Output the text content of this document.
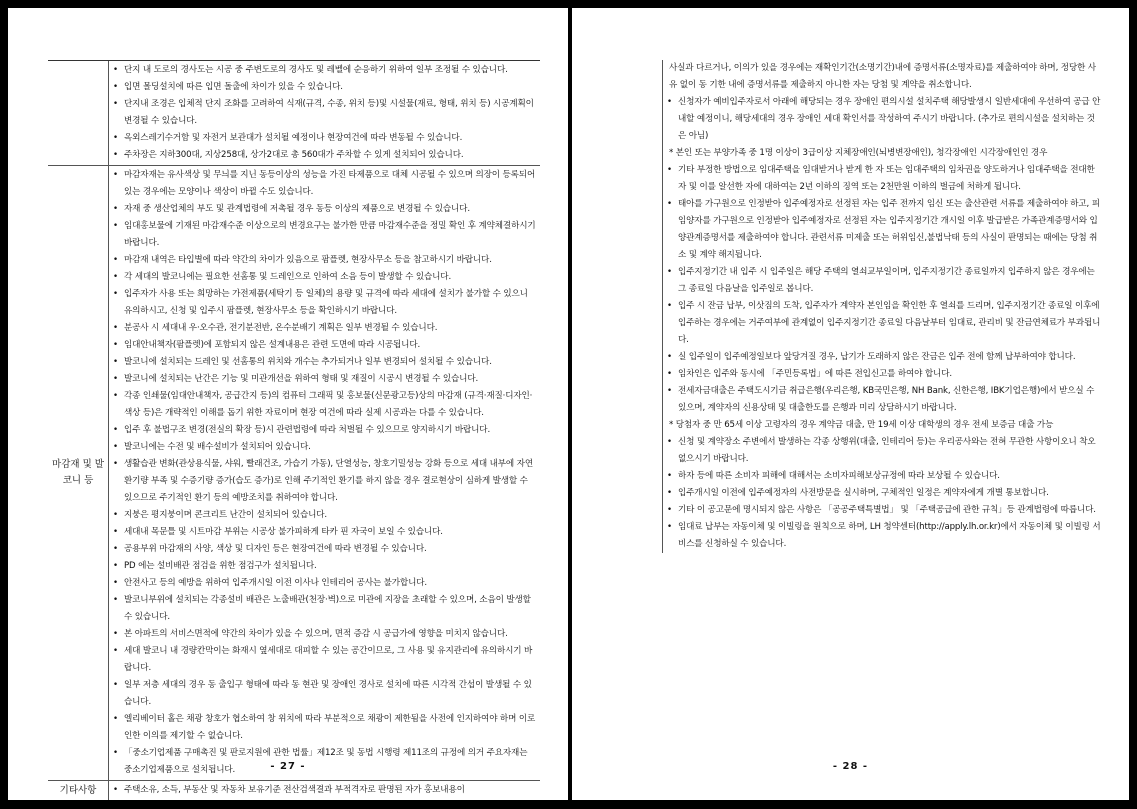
• 단지 내 도로의 경사도는 시공 중 주변도로의 경사도 및 레벨에 순응하기 위하여 일부 조정될 수 있습니다.
• 입면 몰딩설치에 따른 입면 돌출에 차이가 있을 수 있습니다.
• 단지내 조경은 입체적 단지 조화를 고려하여 식재(규격, 수종, 위치 등)및 시설물(재료, 형태, 위치 등) 시공계획이 변경될 수 있습니다.
• 옥외스레기수거함 및 자전거 보관대가 설치될 예정이나 현장여건에 따라 변동될 수 있습니다.
• 주차장은 지하300대, 지상258대, 상가2대로 총 560대가 주차할 수 있게 설치되어 있습니다.
마감재 및 발코니 등
• 마감자재는 유사색상 및 무늬를 지닌 동등이상의 성능을 가진 타제품으로 대체 시공될 수 있으며 의장이 등록되어 있는 경우에는 모양이나 색상이 바뀔 수도 있습니다.
• 자재 중 생산업체의 부도 및 관계법령에 저촉될 경우 동등 이상의 제품으로 변경될 수 있습니다.
• 임대홍보물에 기재된 마감재수준 이상으로의 변경요구는 불가한 만큼 마감재수준을 정밀 확인 후 계약체결하시기 바랍니다.
• 마감재 내역은 타입별에 따라 약간의 차이가 있음으로 팜플렛, 현장사무소 등을 참고하시기 바랍니다.
• 각 세대의 발코니에는 필요한 선홈통 및 드레인으로 인하여 소음 등이 발생할 수 있습니다.
• 입주자가 사용 또는 희망하는 가전제품(세탁기 등 일체)의 용량 및 규격에 따라 세대에 설치가 불가할 수 있으니 유의하시고, 신청 및 입주시 팜플렛, 현장사무소 등을 확인하시기 바랍니다.
• 분공사 시 세대내 우·오수관, 전기분전반, 온수분배기 계획은 일부 변경될 수 있습니다.
• 임대안내책자(팜플렛)에 포함되지 않은 설계내용은 관련 도면에 따라 시공됩니다.
• 발코니에 설치되는 드레인 및 선홈통의 위치와 개수는 추가되거나 일부 변경되어 설치될 수 있습니다.
• 발코니에 설치되는 난간은 기능 및 미관개선을 위하여 형태 및 재질이 시공시 변경될 수 있습니다.
• 각종 인쇄물(임대안내책자, 공급간지 등)의 컴퓨터 그래픽 및 홍보물(신문광고등)상의 마감재 (규격·재질·디자인·색상 등)은 개략적인 이해를 돕기 위한 자료이며 현장 여건에 따라 실제 시공과는 다를 수 있습니다.
• 입주 후 불법구조 변경(전실의 확장 등)시 관련법령에 따라 처벌될 수 있으므로 양지하시기 바랍니다.
• 발코니에는 수전 및 배수설비가 설치되어 있습니다.
• 생활습관 변화(관상용식물, 샤워, 빨래건조, 가습기 가동), 단열성능, 창호기밀성능 강화 등으로 세대 내부에 자연환기량 부족 및 수증기량 증가(습도 증가)로 인해 주기적인 환기를 하지 않을 경우 결로현상이 심하게 발생할 수 있으므로 주기적인 환기 등의 예방조치를 취하여야 합니다.
• 지붕은 평지붕이며 콘크리트 난간이 설치되어 있습니다.
• 세대내 목문틀 및 시트마감 부위는 시공상 불가피하게 타카 핀 자국이 보일 수 있습니다.
• 공용부위 마감재의 사양, 색상 및 디자인 등은 현장여건에 따라 변경될 수 있습니다.
• PD 에는 설비배관 점검을 위한 점검구가 설치됩니다.
• 안전사고 등의 예방을 위하여 입주개시일 이전 이사나 인테리어 공사는 불가합니다.
• 발코니부위에 설치되는 각종설비 배관은 노출배관(천장·벽)으로 미관에 지장을 초래할 수 있으며, 소음이 발생할 수 있습니다.
• 본 아파트의 서비스면적에 약간의 차이가 있을 수 있으며, 면적 증감 시 공급가에 영향을 미치지 않습니다.
• 세대 발코니 내 경량칸막이는 화재시 옆세대로 대피할 수 있는 공간이므로, 그 사용 및 유지관리에 유의하시기 바랍니다.
• 일부 저층 세대의 경우 동 출입구 형태에 따라 동 현관 및 장애인 경사로 설치에 따른 시각적 간섭이 발생될 수 있습니다.
• 엘리베이터 홀은 채광 창호가 협소하여 창 위치에 따라 부분적으로 채광이 제한됨을 사전에 인지하여야 하며 이로 인한 이의를 제기할 수 없습니다.
• 「중소기업제품 구매촉진 및 판로지원에 관한 법률」제12조 및 동법 시행령 제11조의 규정에 의거 주요자재는 중소기업제품으로 설치됩니다.
기타사항	• 주택소유, 소득, 부동산 및 자동차 보유기준 전산검색결과 부적격자로 판명된 자가 홍보내용이
- 27 -
사실과 다르거나, 이의가 있을 경우에는 재확인기간(소명기간)내에 증명서류(소명자료)를 제출하여야 하며, 정당한 사유 없이 동 기한 내에 증명서류를 제출하지 아니한 자는 당첨 및 계약을 취소합니다.
• 신청자가 예비입주자로서 아래에 해당되는 경우 장애인 편의시설 설치주택 해당발생시 일반세대에 우선하여 공급 안내할 예정이니, 해당세대의 경우 장애인 세대 확인서를 작성하여 주시기 바랍니다. (추가로 편의시설을 설치하는 것은 아님)
* 본인 또는 부양가족 중 1명 이상이 3급이상 지체장애인(뇌병변장애인), 청각장애인 시각장애인인 경우
• 기타 부정한 방법으로 임대주택을 임대받거나 받게 한 자 또는 임대주택의 임차권을 양도하거나 임대주택을 전대한 자 및 이를 알선한 자에 대하여는 2년 이하의 징역 또는 2천만원 이하의 벌금에 처하게 됩니다.
• 태아를 가구원으로 인정받아 입주예정자로 선정된 자는 입주 전까지 임신 또는 출산관련 서류를 제출하여야 하고, 피임양자를 가구원으로 인정받아 입주예정자로 선정된 자는 입주지정기간 개시일 이후 발급받은 가족관계증명서와 입양관계증명서를 제출하여야 합니다. 관련서류 미제출 또는 허위임신,불법낙태 등의 사실이 판명되는 때에는 당첨 취소 및 계약 해지됩니다.
• 입주지정기간 내 입주 시 입주일은 해당 주택의 열쇠교부일이며, 입주지정기간 종료일까지 입주하지 않은 경우에는 그 종료일 다음날을 입주일로 봅니다.
• 입주 시 잔금 납부, 이삿짐의 도착, 입주자가 계약자 본인임을 확인한 후 열쇠를 드리며, 입주지정기간 종료일 이후에 입주하는 경우에는 거주여부에 관계없이 입주지정기간 종료일 다음날부터 임대료, 관리비 및 잔금연체료가 부과됩니다.
• 실 입주일이 입주예정일보다 앞당겨질 경우, 납기가 도래하지 않은 잔금은 입주 전에 함께 납부하여야 합니다.
• 임차인은 입주와 동시에 「주민등록법」에 따른 전입신고를 하여야 합니다.
• 전세자금대출은 주택도시기금 취급은행(우리은행, KB국민은행, NH Bank, 신한은행, IBK기업은행)에서 받으실 수 있으며, 계약자의 신용상태 및 대출한도를 은행과 미리 상담하시기 바랍니다.
* 당첨자 중 만 65세 이상 고령자의 경우 계약금 대출, 만 19세 이상 대학생의 경우 전세 보증금 대출 가능
• 신청 및 계약장소 주변에서 발생하는 각종 상행위(대출, 인테리어 등)는 우리공사와는 전혀 무관한 사항이오니 착오 없으시기 바랍니다.
• 하자 등에 따른 소비자 피해에 대해서는 소비자피해보상규정에 따라 보상될 수 있습니다.
• 입주개시일 이전에 입주예정자의 사전방문을 실시하며, 구체적인 일정은 계약자에게 개별 통보합니다.
• 기타 이 공고문에 명시되지 않은 사항은 「공공주택특별법」 및 「주택공급에 관한 규칙」등 관계법령에 따릅니다.
• 임대료 납부는 자동이체 및 이빌링을 원칙으로 하며, LH 청약센터(http://apply.lh.or.kr)에서 자동이체 및 이빌링 서비스를 신청하실 수 있습니다.
- 28 -
